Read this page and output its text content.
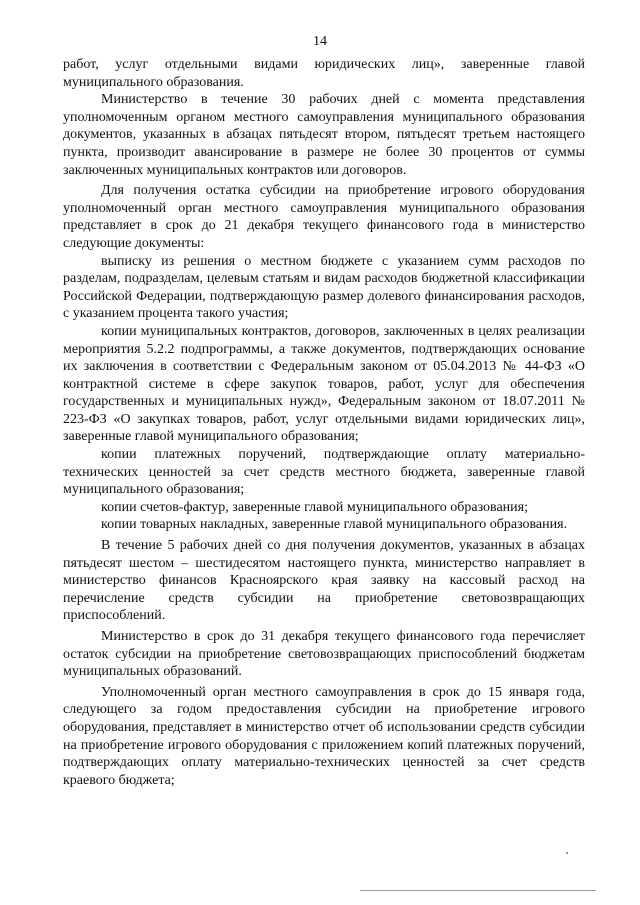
14

работ, услуг отдельными видами юридических лиц», заверенные главой муниципального образования.

Министерство в течение 30 рабочих дней с момента представления уполномоченным органом местного самоуправления муниципального образования документов, указанных в абзацах пятьдесят втором, пятьдесят третьем настоящего пункта, производит авансирование в размере не более 30 процентов от суммы заключенных муниципальных контрактов или договоров.

Для получения остатка субсидии на приобретение игрового оборудования уполномоченный орган местного самоуправления муниципального образования представляет в срок до 21 декабря текущего финансового года в министерство следующие документы:

выписку из решения о местном бюджете с указанием сумм расходов по разделам, подразделам, целевым статьям и видам расходов бюджетной классификации Российской Федерации, подтверждающую размер долевого финансирования расходов, с указанием процента такого участия;

копии муниципальных контрактов, договоров, заключенных в целях реализации мероприятия 5.2.2 подпрограммы, а также документов, подтверждающих основание их заключения в соответствии с Федеральным законом от 05.04.2013 № 44-ФЗ «О контрактной системе в сфере закупок товаров, работ, услуг для обеспечения государственных и муниципальных нужд», Федеральным законом от 18.07.2011 № 223-ФЗ «О закупках товаров, работ, услуг отдельными видами юридических лиц», заверенные главой муниципального образования;

копии платежных поручений, подтверждающие оплату материально-технических ценностей за счет средств местного бюджета, заверенные главой муниципального образования;

копии счетов-фактур, заверенные главой муниципального образования;

копии товарных накладных, заверенные главой муниципального образования.

В течение 5 рабочих дней со дня получения документов, указанных в абзацах пятьдесят шестом – шестидесятом настоящего пункта, министерство направляет в министерство финансов Красноярского края заявку на кассовый расход на перечисление средств субсидии на приобретение световозвращающих приспособлений.

Министерство в срок до 31 декабря текущего финансового года перечисляет остаток субсидии на приобретение световозвращающих приспособлений бюджетам муниципальных образований.

Уполномоченный орган местного самоуправления в срок до 15 января года, следующего за годом предоставления субсидии на приобретение игрового оборудования, представляет в министерство отчет об использовании средств субсидии на приобретение игрового оборудования с приложением копий платежных поручений, подтверждающих оплату материально-технических ценностей за счет средств краевого бюджета;
